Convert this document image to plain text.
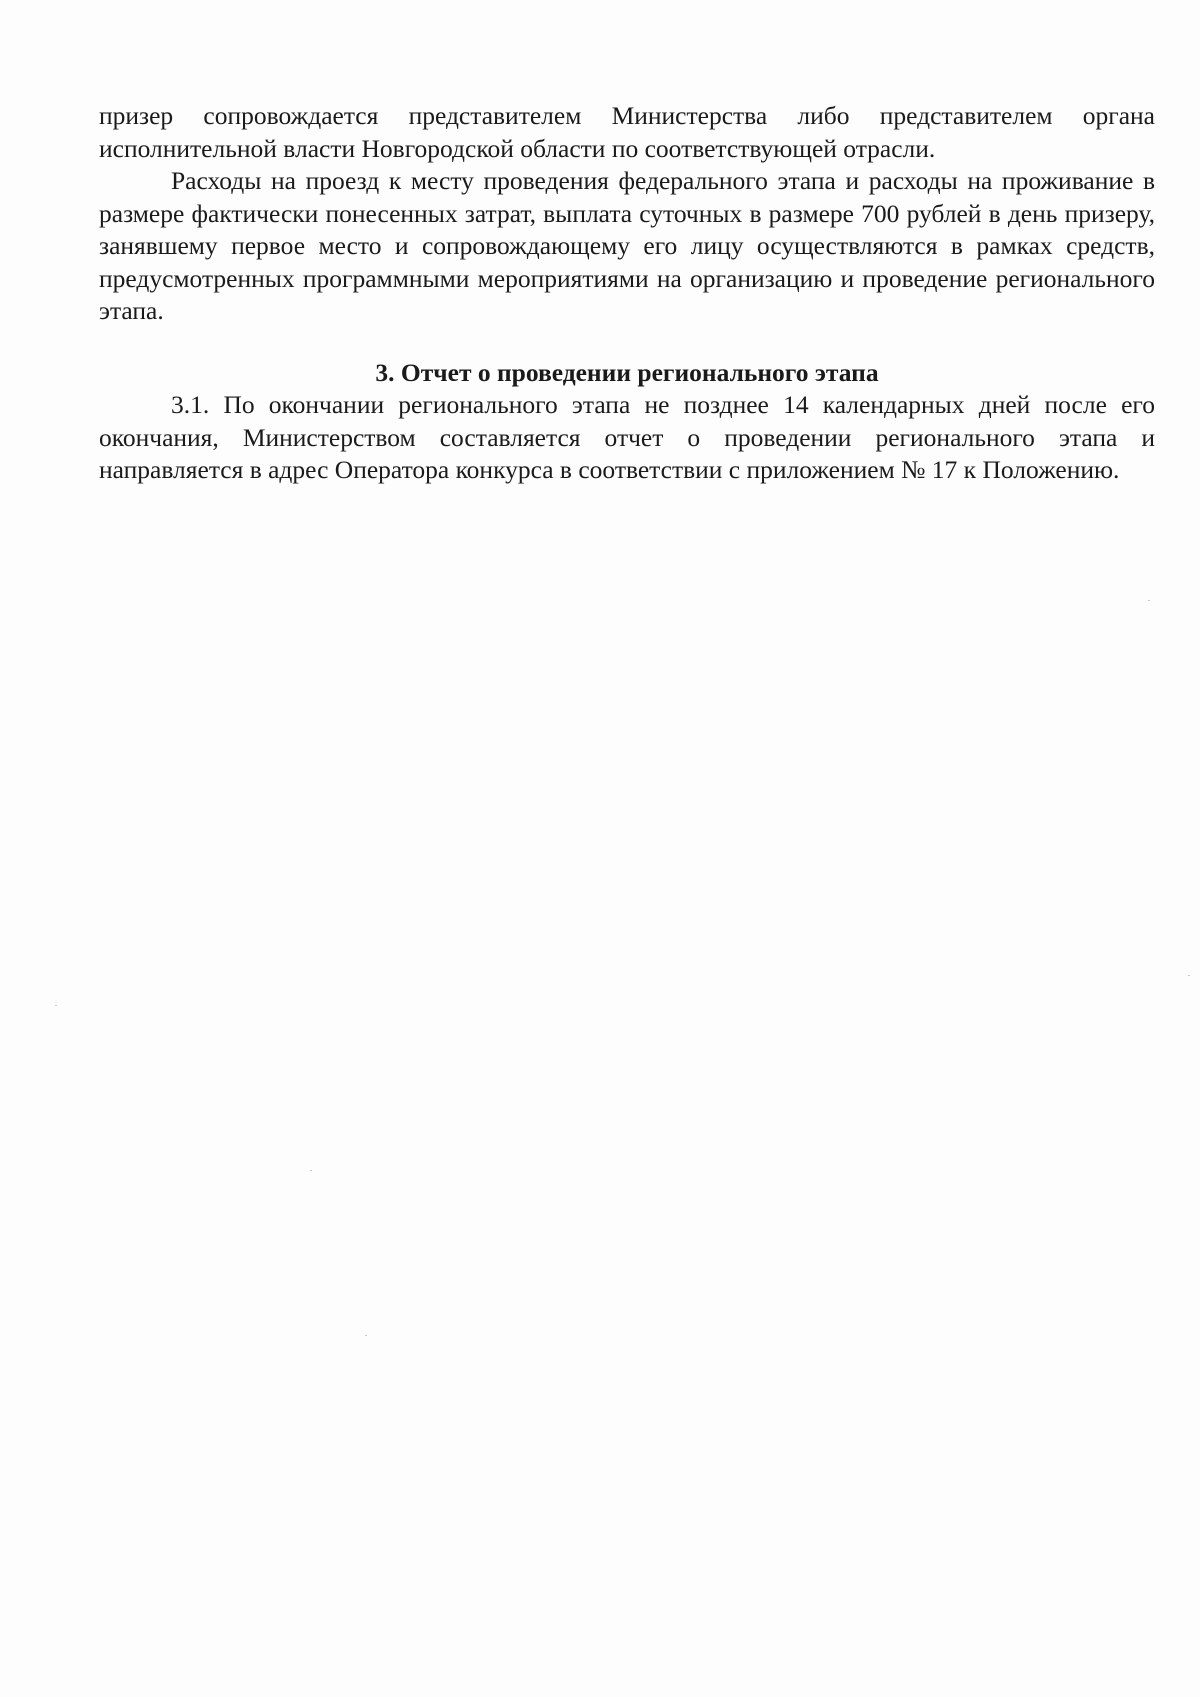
призер сопровождается представителем Министерства либо представителем органа исполнительной власти Новгородской области по соответствующей отрасли.

Расходы на проезд к месту проведения федерального этапа и расходы на проживание в размере фактически понесенных затрат, выплата суточных в размере 700 рублей в день призеру, занявшему первое место и сопровождающему его лицу осуществляются в рамках средств, предусмотренных программными мероприятиями на организацию и проведение регионального этапа.

3. Отчет о проведении регионального этапа

3.1. По окончании регионального этапа не позднее 14 календарных дней после его окончания, Министерством составляется отчет о проведении регионального этапа и направляется в адрес Оператора конкурса в соответствии с приложением № 17 к Положению.
